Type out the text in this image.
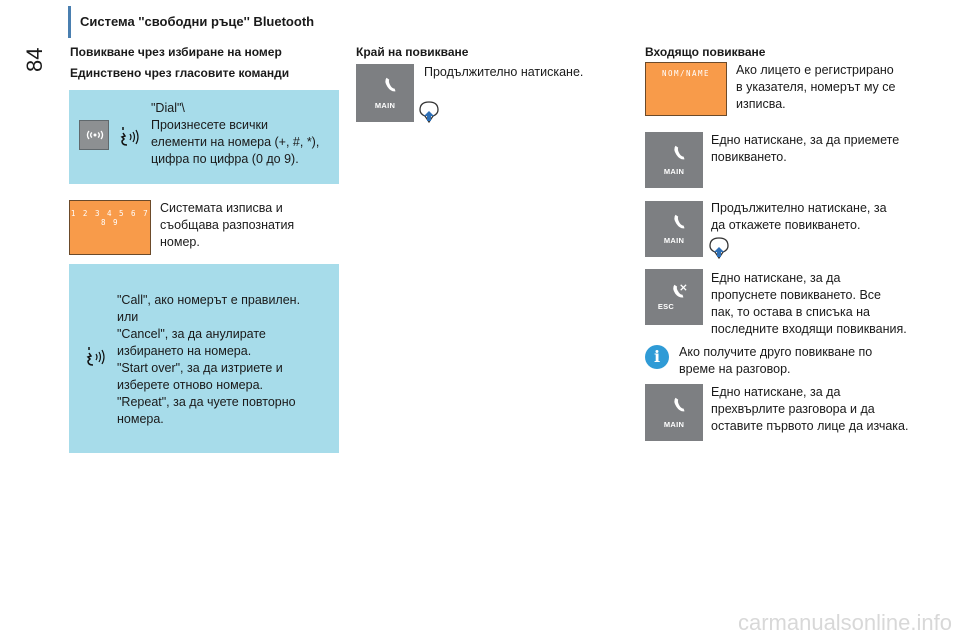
Система ''свободни ръце'' Bluetooth
84 Повикване чрез избиране на номер
Единствено чрез гласовите команди
"Dial"\
Произнесете всички
елементи на номера (+, #, *),
цифра по цифра (0 до 9).
1 2 3 4 5 6 7 8 9
Системата изписва и
съобщава разпознатия
номер.
"Call", ако номерът е правилен.
или
"Cancel", за да анулирате
избирането на номера.
"Start over", за да изтриете и
изберете отново номера.
"Repeat", за да чуете повторно
номера.
Край на повикване
MAIN
Продължително натискане.
Входящо повикване
NOM/NAME	Ако лицето е регистрирано
в указателя, номерът му се
изписва.
MAIN
Едно натискане, за да приемете
повикването.
MAIN
Продължително натискане, за
да откажете повикването.
ESC
Едно натискане, за да
пропуснете повикването. Все
пак, то остава в списъка на
последните входящи повиквания.
i	Ако получите друго повикване по
време на разговор.
MAIN
Едно натискане, за да
прехвърлите разговора и да
оставите първото лице да изчака.
carmanualsonline.info
